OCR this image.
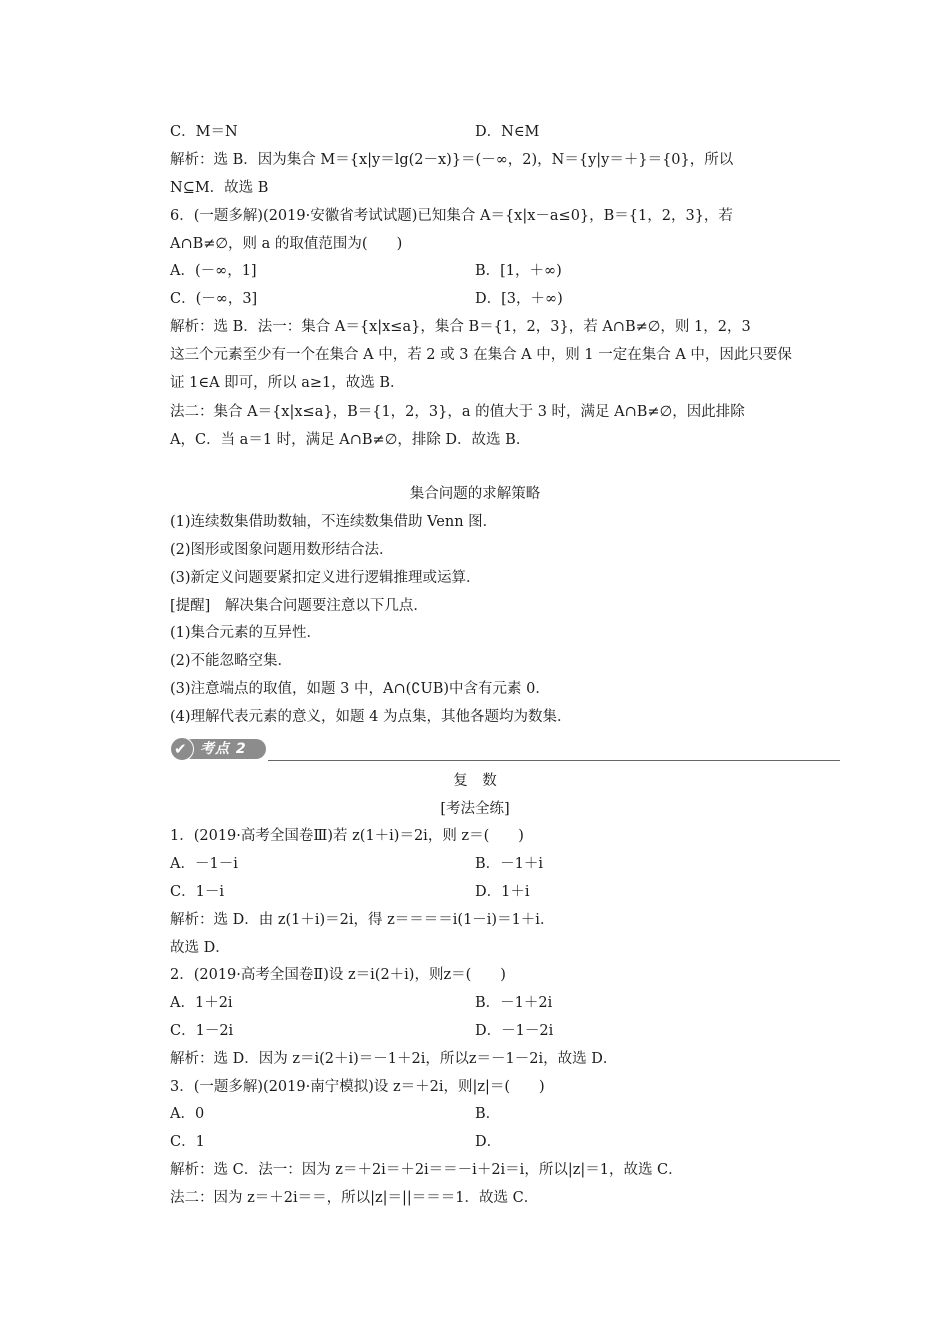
C．M＝N	D．N∈M
解析：选 B．因为集合 M＝{x|y＝lg(2－x)}＝(－∞，2)，N＝{y|y＝＋}＝{0}，所以
N⊆M．故选 B
6．(一题多解)(2019·安徽省考试试题)已知集合 A＝{x|x－a≤0}，B＝{1，2，3}，若
A∩B≠∅，则 a 的取值范围为(　　)
A．(－∞，1]	B．[1，＋∞)
C．(－∞，3]	D．[3，＋∞)
解析：选 B．法一：集合 A＝{x|x≤a}，集合 B＝{1，2，3}，若 A∩B≠∅，则 1，2，3
这三个元素至少有一个在集合 A 中，若 2 或 3 在集合 A 中，则 1 一定在集合 A 中，因此只要保
证 1∈A 即可，所以 a≥1，故选 B．
法二：集合 A＝{x|x≤a}，B＝{1，2，3}，a 的值大于 3 时，满足 A∩B≠∅，因此排除
A，C．当 a＝1 时，满足 A∩B≠∅，排除 D．故选 B．
集合问题的求解策略
(1)连续数集借助数轴，不连续数集借助 Venn 图．
(2)图形或图象问题用数形结合法．
(3)新定义问题要紧扣定义进行逻辑推理或运算．
[提醒]　解决集合问题要注意以下几点．
(1)集合元素的互异性．
(2)不能忽略空集．
(3)注意端点的取值，如题 3 中，A∩(∁UB)中含有元素 0．
(4)理解代表元素的意义，如题 4 为点集，其他各题均为数集．
复　数
[考法全练]
1．(2019·高考全国卷Ⅲ)若 z(1＋i)＝2i，则 z＝(　　)
A．－1－i	B．－1＋i
C．1－i	D．1＋i
解析：选 D．由 z(1＋i)＝2i，得 z＝＝＝＝i(1－i)＝1＋i．
故选 D．
2．(2019·高考全国卷Ⅱ)设 z＝i(2＋i)，则z＝(　　)
A．1＋2i	B．－1＋2i
C．1－2i	D．－1－2i
解析：选 D．因为 z＝i(2＋i)＝－1＋2i，所以z＝－1－2i，故选 D．
3．(一题多解)(2019·南宁模拟)设 z＝＋2i，则|z|＝(　　)
A．0	B．
C．1	D．
解析：选 C．法一：因为 z＝＋2i＝＋2i＝＝－i＋2i＝i，所以|z|＝1，故选 C．
法二：因为 z＝＋2i＝＝，所以|z|＝||＝＝＝1．故选 C．
✔ 考点 2
